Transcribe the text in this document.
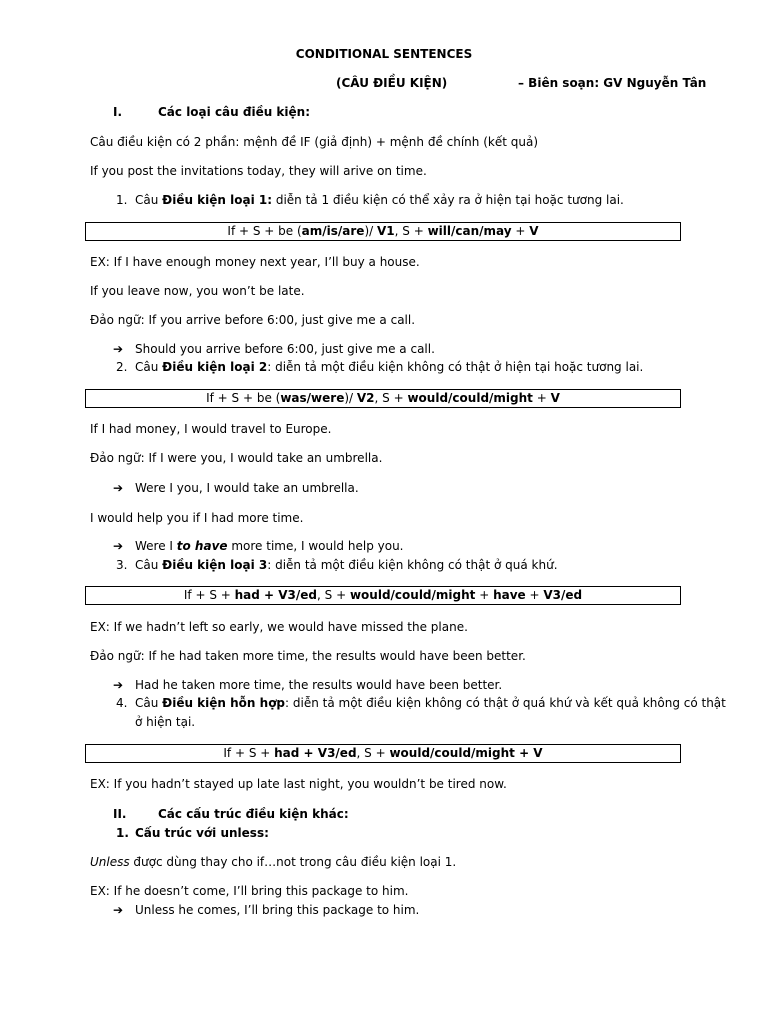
CONDITIONAL SENTENCES
(CÂU ĐIỀU KIỆN)	– Biên soạn: GV Nguyễn Tân
I.	Các loại câu điều kiện:
Câu điều kiện có 2 phần: mệnh đề IF (giả định) + mệnh đề chính (kết quả)
If you post the invitations today, they will arive on time.
1. Câu Điều kiện loại 1: diễn tả 1 điều kiện có thể xảy ra ở hiện tại hoặc tương lai.
If + S + be (am/is/are)/ V1, S + will/can/may + V
EX: If I have enough money next year, I’ll buy a house.
If you leave now, you won’t be late.
Đảo ngữ: If you arrive before 6:00, just give me a call.
➔ Should you arrive before 6:00, just give me a call.
2. Câu Điều kiện loại 2: diễn tả một điều kiện không có thật ở hiện tại hoặc tương lai.
If + S + be (was/were)/ V2, S + would/could/might + V
If I had money, I would travel to Europe.
Đảo ngữ: If I were you, I would take an umbrella.
➔ Were I you, I would take an umbrella.
I would help you if I had more time.
➔ Were I to have more time, I would help you.
3. Câu Điều kiện loại 3: diễn tả một điều kiện không có thật ở quá khứ.
If + S + had + V3/ed, S + would/could/might + have + V3/ed
EX: If we hadn’t left so early, we would have missed the plane.
Đảo ngữ: If he had taken more time, the results would have been better.
➔ Had he taken more time, the results would have been better.
4. Câu Điều kiện hỗn hợp: diễn tả một điều kiện không có thật ở quá khứ và kết quả không có thật
ở hiện tại.
If + S + had + V3/ed, S + would/could/might + V
EX: If you hadn’t stayed up late last night, you wouldn’t be tired now.
II.	Các cấu trúc điều kiện khác:
1. Cấu trúc với unless:
Unless được dùng thay cho if…not trong câu điều kiện loại 1.
EX: If he doesn’t come, I’ll bring this package to him.
➔ Unless he comes, I’ll bring this package to him.
